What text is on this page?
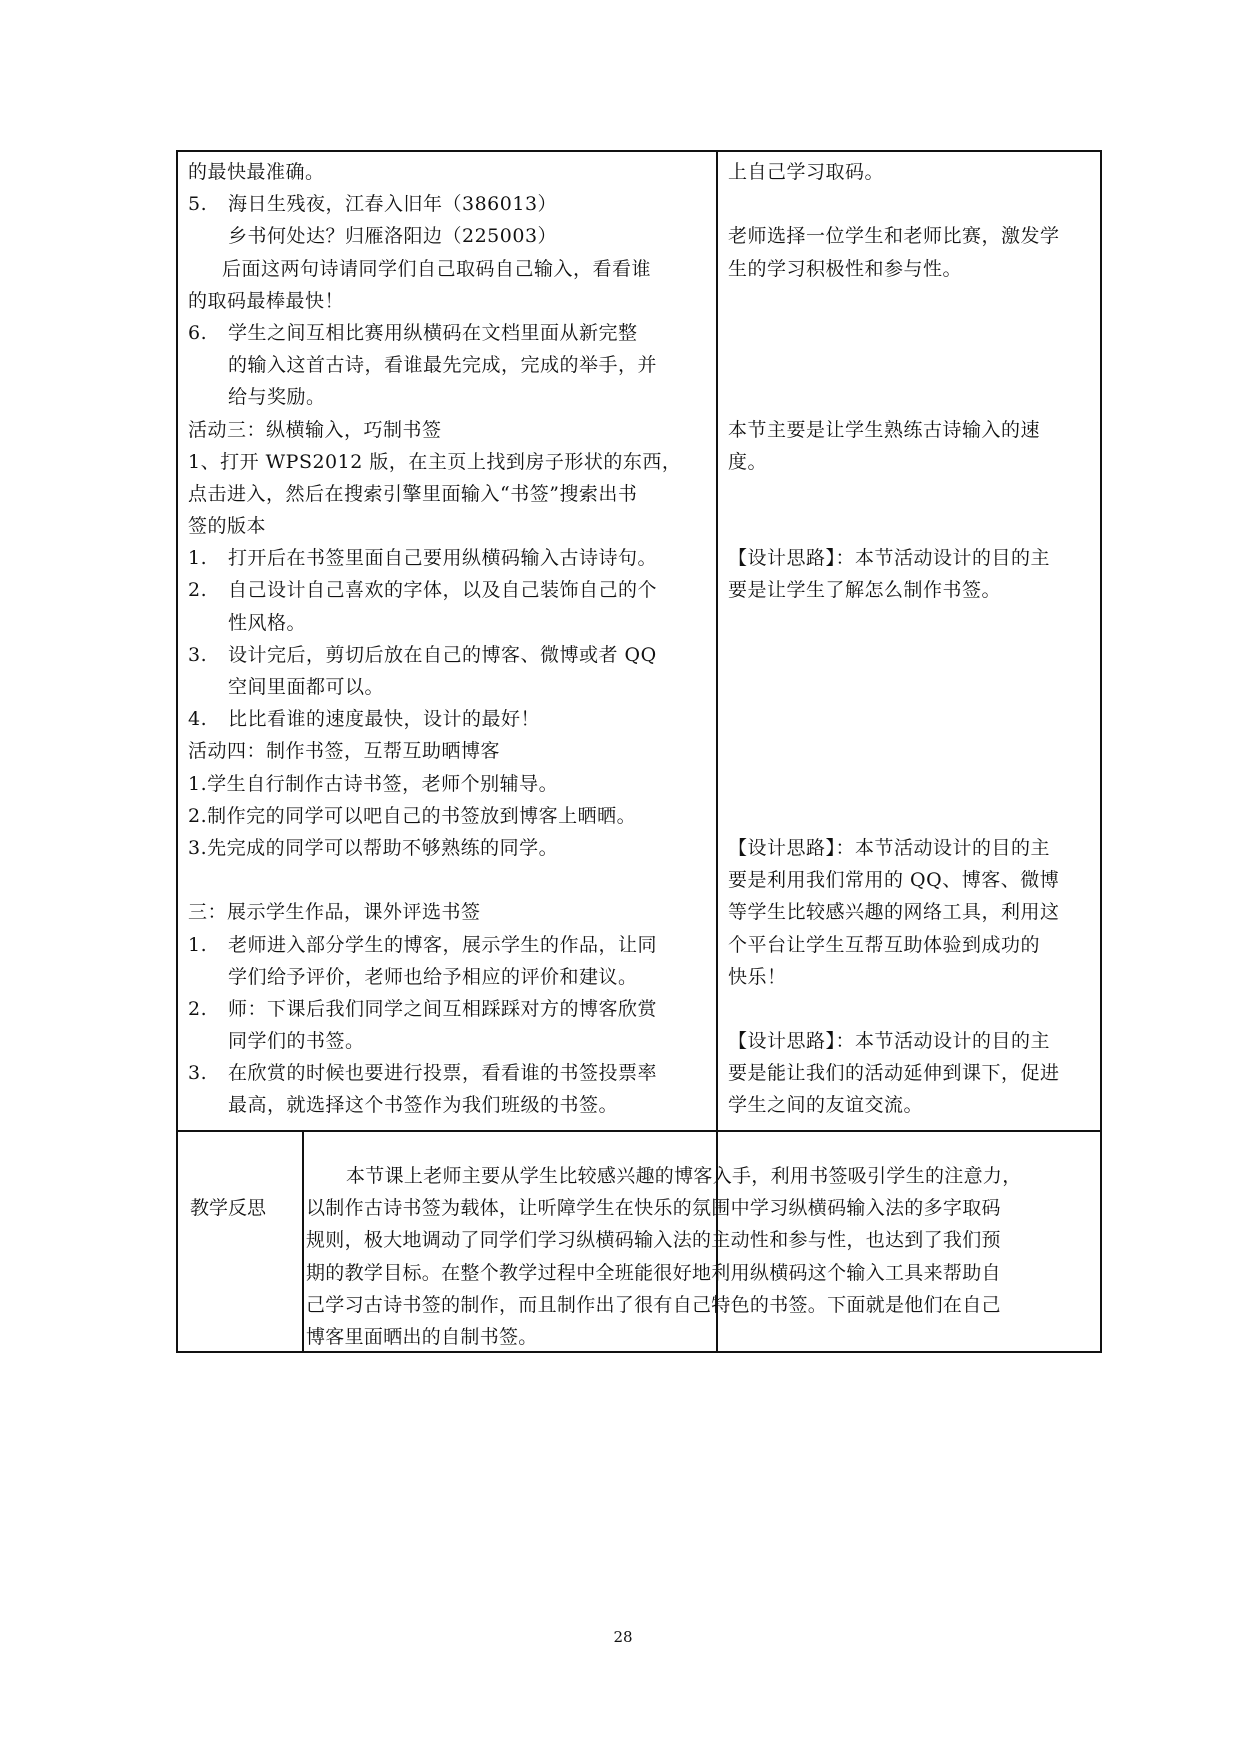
的最快最准确。
5. 海日生残夜，江春入旧年（386013）
乡书何处达？归雁洛阳边（225003）
后面这两句诗请同学们自己取码自己输入，看看谁
的取码最棒最快！
6. 学生之间互相比赛用纵横码在文档里面从新完整
的输入这首古诗，看谁最先完成，完成的举手，并
给与奖励。
活动三：纵横输入，巧制书签
1、打开 WPS2012 版，在主页上找到房子形状的东西，
点击进入，然后在搜索引擎里面输入“书签”搜索出书
签的版本
1. 打开后在书签里面自己要用纵横码输入古诗诗句。
2. 自己设计自己喜欢的字体，以及自己装饰自己的个
性风格。
3. 设计完后，剪切后放在自己的博客、微博或者 QQ
空间里面都可以。
4. 比比看谁的速度最快，设计的最好！
活动四：制作书签，互帮互助晒博客
1.学生自行制作古诗书签，老师个别辅导。
2.制作完的同学可以吧自己的书签放到博客上晒晒。
3.先完成的同学可以帮助不够熟练的同学。
三：展示学生作品，课外评选书签
1. 老师进入部分学生的博客，展示学生的作品，让同
学们给予评价，老师也给予相应的评价和建议。
2. 师：下课后我们同学之间互相踩踩对方的博客欣赏
同学们的书签。
3. 在欣赏的时候也要进行投票，看看谁的书签投票率
最高，就选择这个书签作为我们班级的书签。
上自己学习取码。
老师选择一位学生和老师比赛，激发学
生的学习积极性和参与性。
本节主要是让学生熟练古诗输入的速
度。
【设计思路】：本节活动设计的目的主
要是让学生了解怎么制作书签。
【设计思路】：本节活动设计的目的主
要是利用我们常用的 QQ、博客、微博
等学生比较感兴趣的网络工具，利用这
个平台让学生互帮互助体验到成功的
快乐！
【设计思路】：本节活动设计的目的主
要是能让我们的活动延伸到课下，促进
学生之间的友谊交流。
教学反思
本节课上老师主要从学生比较感兴趣的博客入手，利用书签吸引学生的注意力，
以制作古诗书签为载体，让听障学生在快乐的氛围中学习纵横码输入法的多字取码
规则，极大地调动了同学们学习纵横码输入法的主动性和参与性，也达到了我们预
期的教学目标。在整个教学过程中全班能很好地利用纵横码这个输入工具来帮助自
己学习古诗书签的制作，而且制作出了很有自己特色的书签。下面就是他们在自己
博客里面晒出的自制书签。
28
